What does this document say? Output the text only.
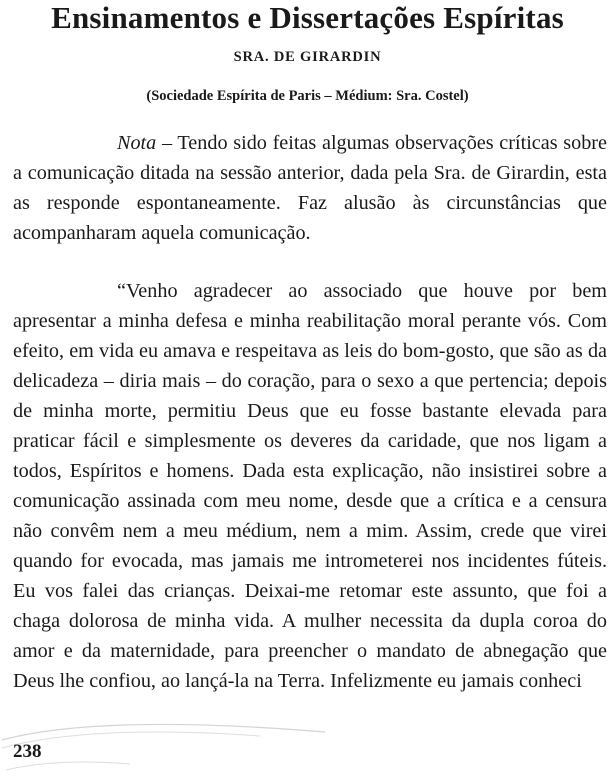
Ensinamentos e Dissertações Espíritas

SRA. DE GIRARDIN

(Sociedade Espírita de Paris – Médium: Sra. Costel)

Nota – Tendo sido feitas algumas observações críticas sobre a comunicação ditada na sessão anterior, dada pela Sra. de Girardin, esta as responde espontaneamente. Faz alusão às circunstâncias que acompanharam aquela comunicação.

“Venho agradecer ao associado que houve por bem apresentar a minha defesa e minha reabilitação moral perante vós. Com efeito, em vida eu amava e respeitava as leis do bom-gosto, que são as da delicadeza – diria mais – do coração, para o sexo a que pertencia; depois de minha morte, permitiu Deus que eu fosse bastante elevada para praticar fácil e simplesmente os deveres da caridade, que nos ligam a todos, Espíritos e homens. Dada esta explicação, não insistirei sobre a comunicação assinada com meu nome, desde que a crítica e a censura não convêm nem a meu médium, nem a mim. Assim, crede que virei quando for evocada, mas jamais me intrometerei nos incidentes fúteis. Eu vos falei das crianças. Deixai-me retomar este assunto, que foi a chaga dolorosa de minha vida. A mulher necessita da dupla coroa do amor e da maternidade, para preencher o mandato de abnegação que Deus lhe confiou, ao lançá-la na Terra. Infelizmente eu jamais conheci

238
